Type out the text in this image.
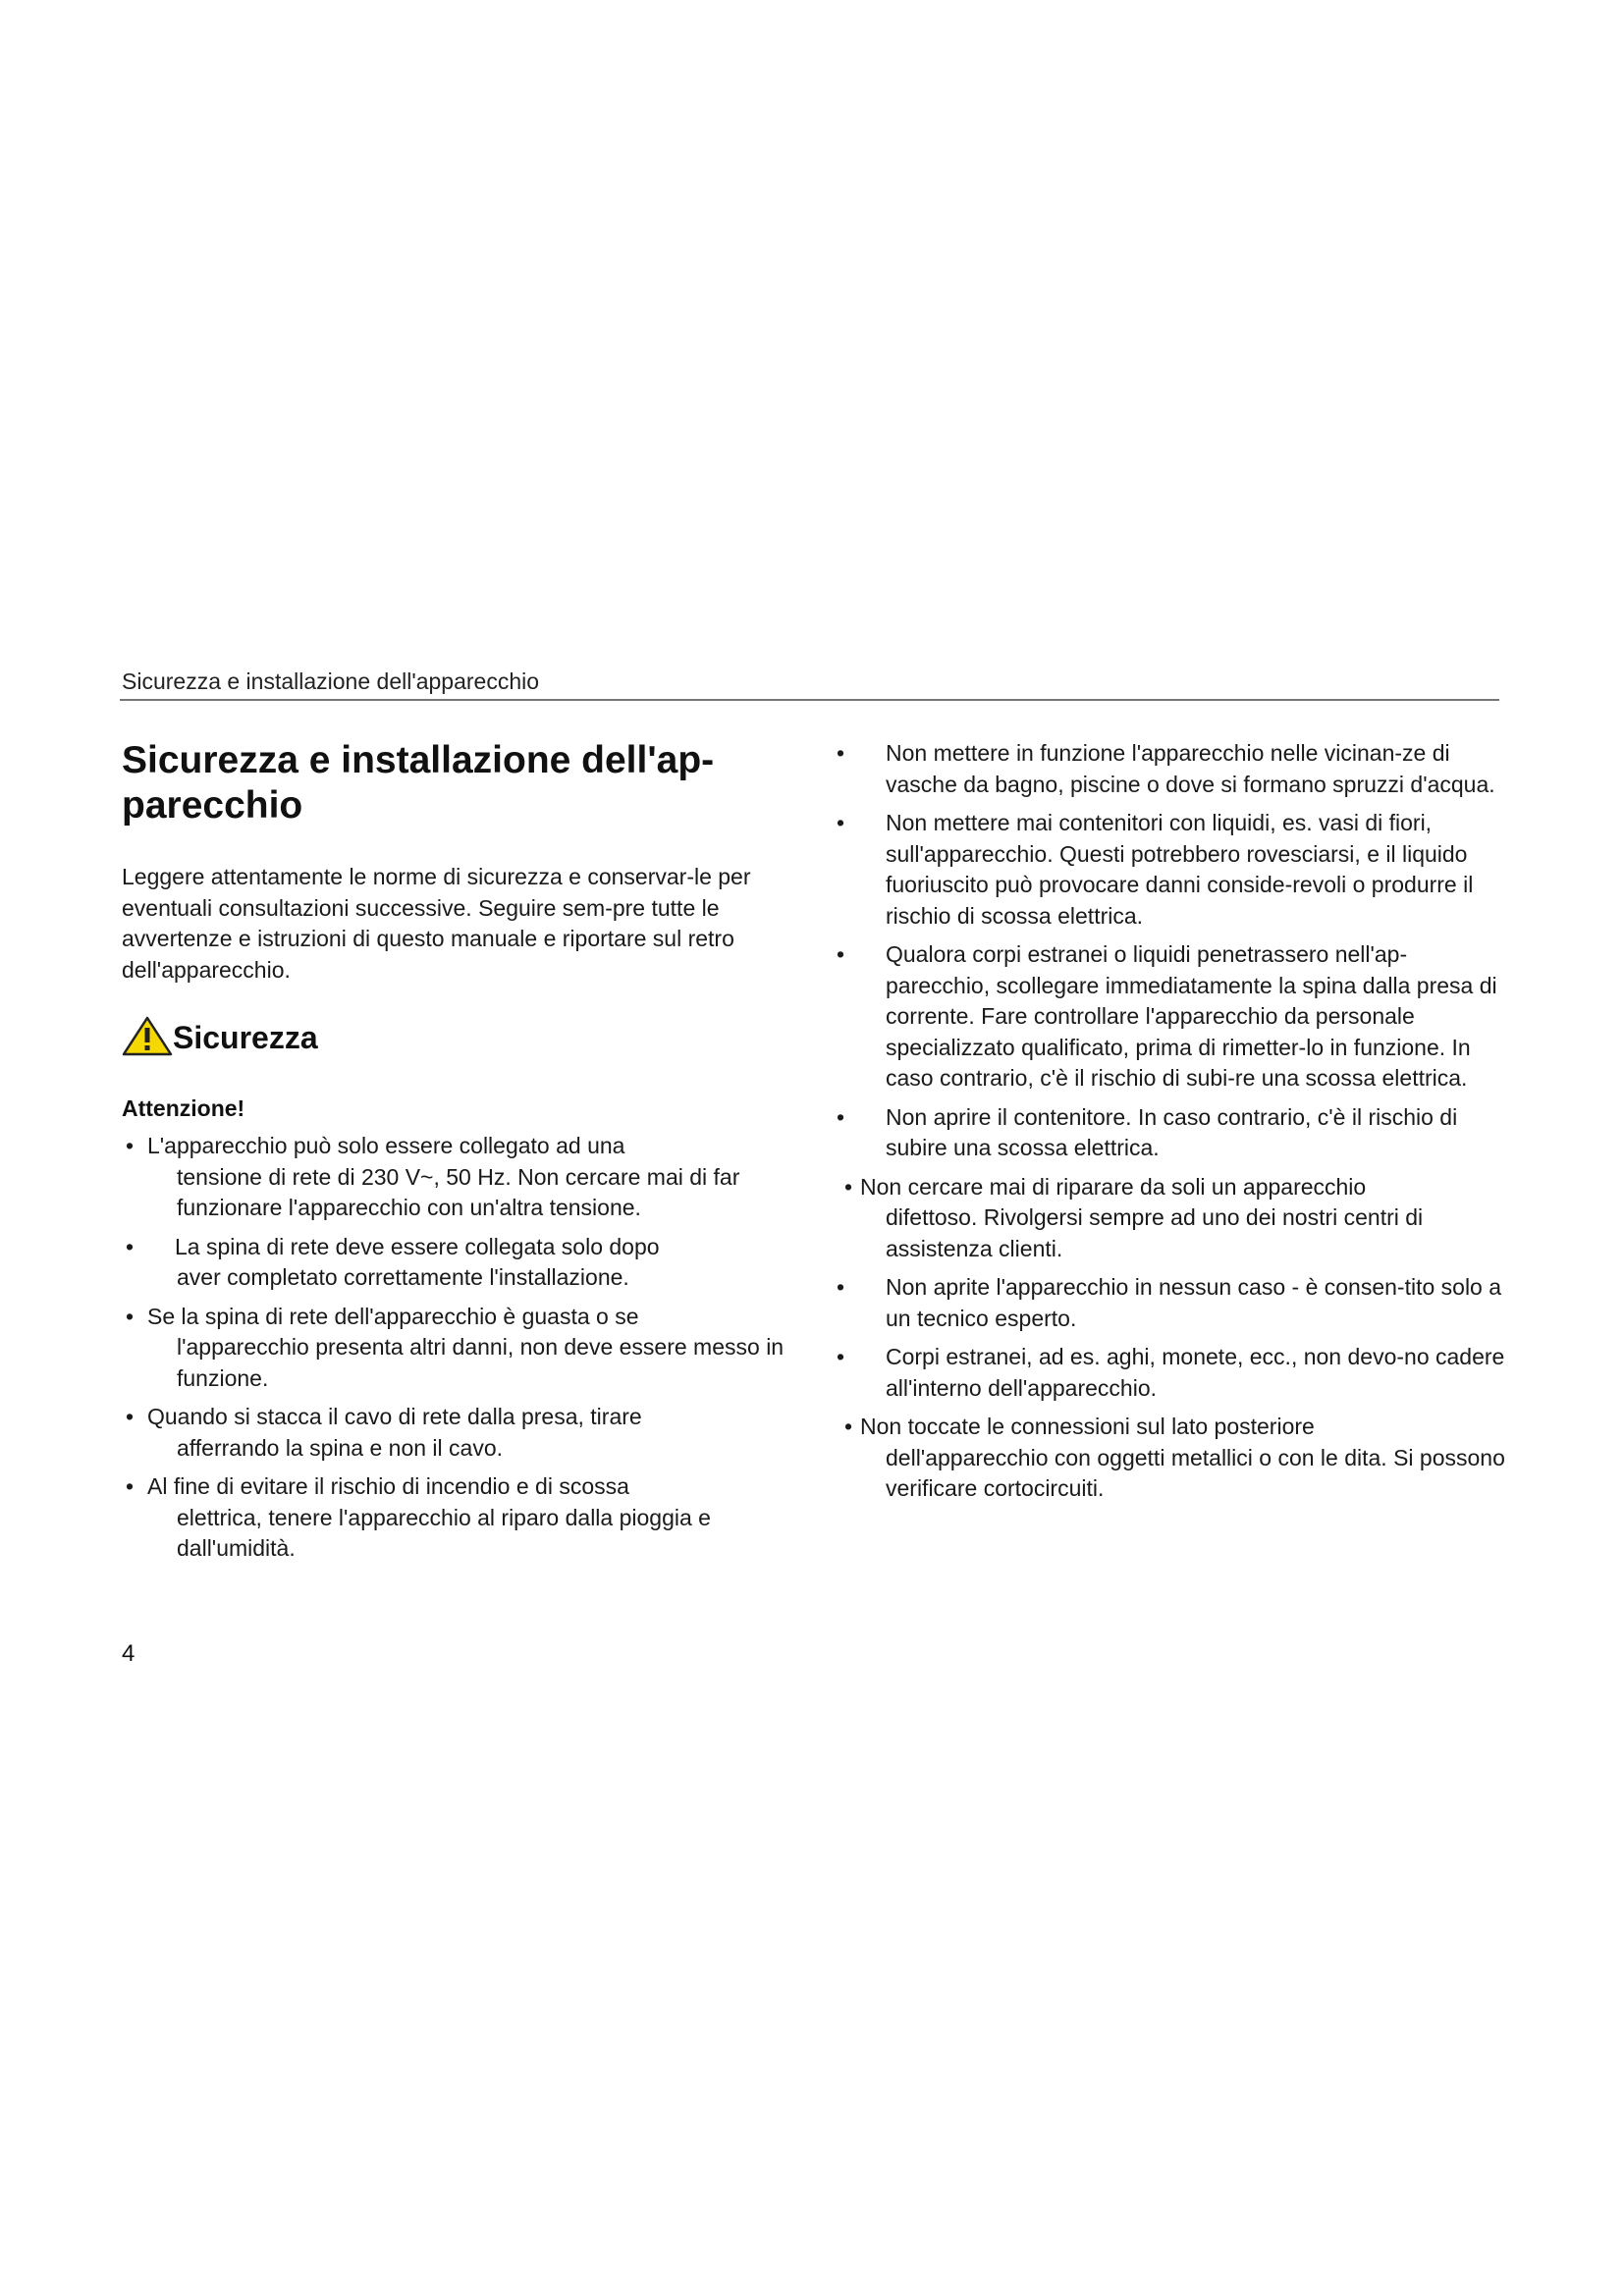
Sicurezza e installazione dell'apparecchio
Sicurezza e installazione dell'ap-
parecchio

Leggere attentamente le norme di sicurezza e conservar-le per eventuali consultazioni successive. Seguire sem-pre tutte le avvertenze e istruzioni di questo manuale e riportare sul retro dell'apparecchio.

Sicurezza
Attenzione!
• L'apparecchio può solo essere collegato ad una
tensione di rete di 230 V~, 50 Hz. Non cercare mai di far funzionare l'apparecchio con un'altra tensione.
• La spina di rete deve essere collegata solo dopo
aver completato correttamente l'installazione.
• Se la spina di rete dell'apparecchio è guasta o se
l'apparecchio presenta altri danni, non deve essere messo in funzione.
• Quando si stacca il cavo di rete dalla presa, tirare
afferrando la spina e non il cavo.
• Al fine di evitare il rischio di incendio e di scossa
elettrica, tenere l'apparecchio al riparo dalla pioggia e dall'umidità.
• Non mettere in funzione l'apparecchio nelle vicinan-ze di vasche da bagno, piscine o dove si formano spruzzi d'acqua.
• Non mettere mai contenitori con liquidi, es. vasi di fiori, sull'apparecchio. Questi potrebbero rovesciarsi, e il liquido fuoriuscito può provocare danni conside-revoli o produrre il rischio di scossa elettrica.
• Qualora corpi estranei o liquidi penetrassero nell'ap-parecchio, scollegare immediatamente la spina dalla presa di corrente. Fare controllare l'apparecchio da personale specializzato qualificato, prima di rimetter-lo in funzione. In caso contrario, c'è il rischio di subi-re una scossa elettrica.
• Non aprire il contenitore. In caso contrario, c'è il rischio di subire una scossa elettrica.
• Non cercare mai di riparare da soli un apparecchio
difettoso. Rivolgersi sempre ad uno dei nostri centri di assistenza clienti.
• Non aprite l'apparecchio in nessun caso - è consen-tito solo a un tecnico esperto.
• Corpi estranei, ad es. aghi, monete, ecc., non devo-no cadere all'interno dell'apparecchio.
• Non toccate le connessioni sul lato posteriore
dell'apparecchio con oggetti metallici o con le dita. Si possono verificare cortocircuiti.
4
